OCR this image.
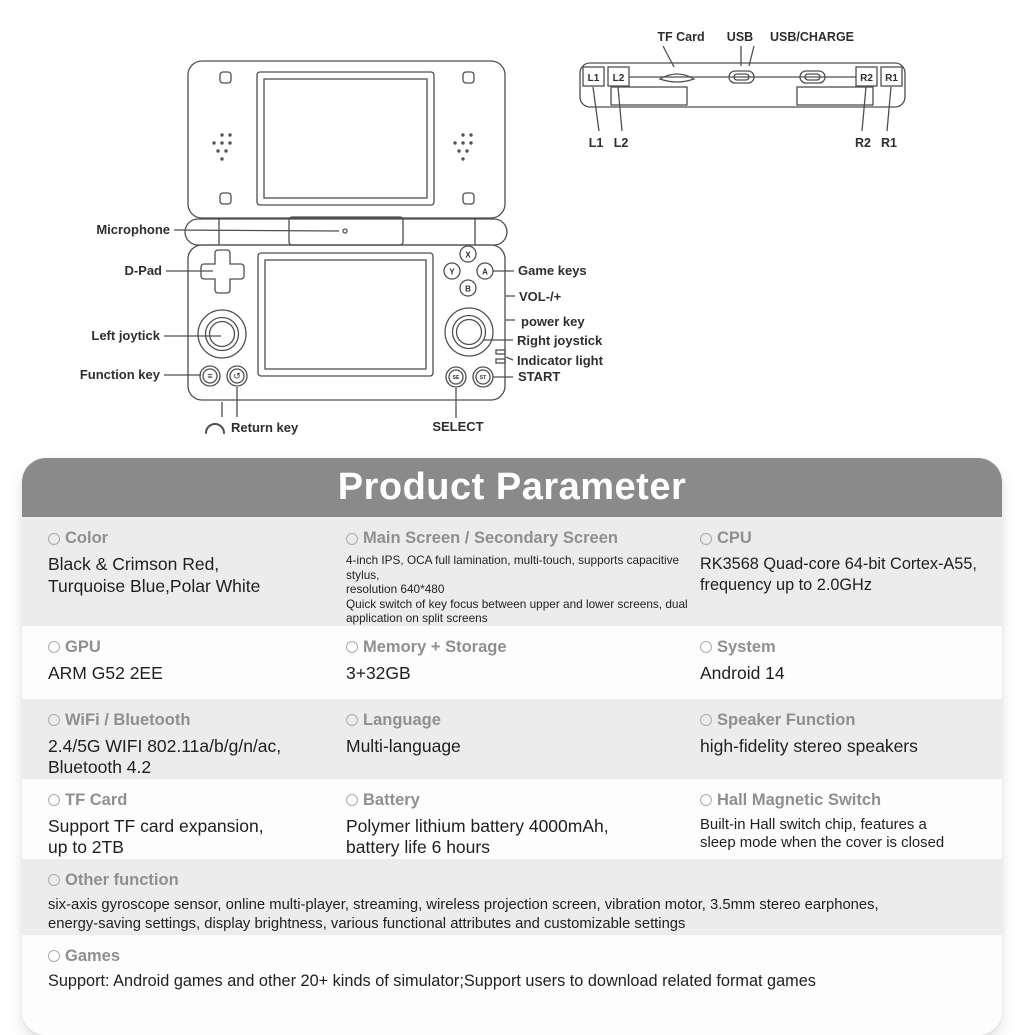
X
Y	A
B
≡ ↺	SE	ST
Microphone
D-Pad
Left joytick
Function key
Return key	SELECT
Game keys
VOL-/+
power key
Right joystick
Indicator light
START
L1 L2	R2 R1
TF Card USB USB/CHARGE
L1 L2	R2 R1
Product Parameter
Color
Black & Crimson Red,
Turquoise Blue,Polar White
Main Screen / Secondary Screen
4-inch IPS, OCA full lamination, multi-touch, supports capacitive stylus,
resolution 640*480
Quick switch of key focus between upper and lower screens, dual
application on split screens
CPU
RK3568 Quad-core 64-bit Cortex-A55,
frequency up to 2.0GHz
GPU
ARM G52 2EE
Memory + Storage
3+32GB
System
Android 14
WiFi / Bluetooth
2.4/5G WIFI 802.11a/b/g/n/ac,
Bluetooth 4.2
Language
Multi-language
Speaker Function
high-fidelity stereo speakers
TF Card
Support TF card expansion,
up to 2TB
Battery
Polymer lithium battery 4000mAh,
battery life 6 hours
Hall Magnetic Switch
Built-in Hall switch chip, features a
sleep mode when the cover is closed
Other function
six-axis gyroscope sensor, online multi-player, streaming, wireless projection screen, vibration motor, 3.5mm stereo earphones,
energy-saving settings, display brightness, various functional attributes and customizable settings
Games
Support: Android games and other 20+ kinds of simulator;Support users to download related format games
